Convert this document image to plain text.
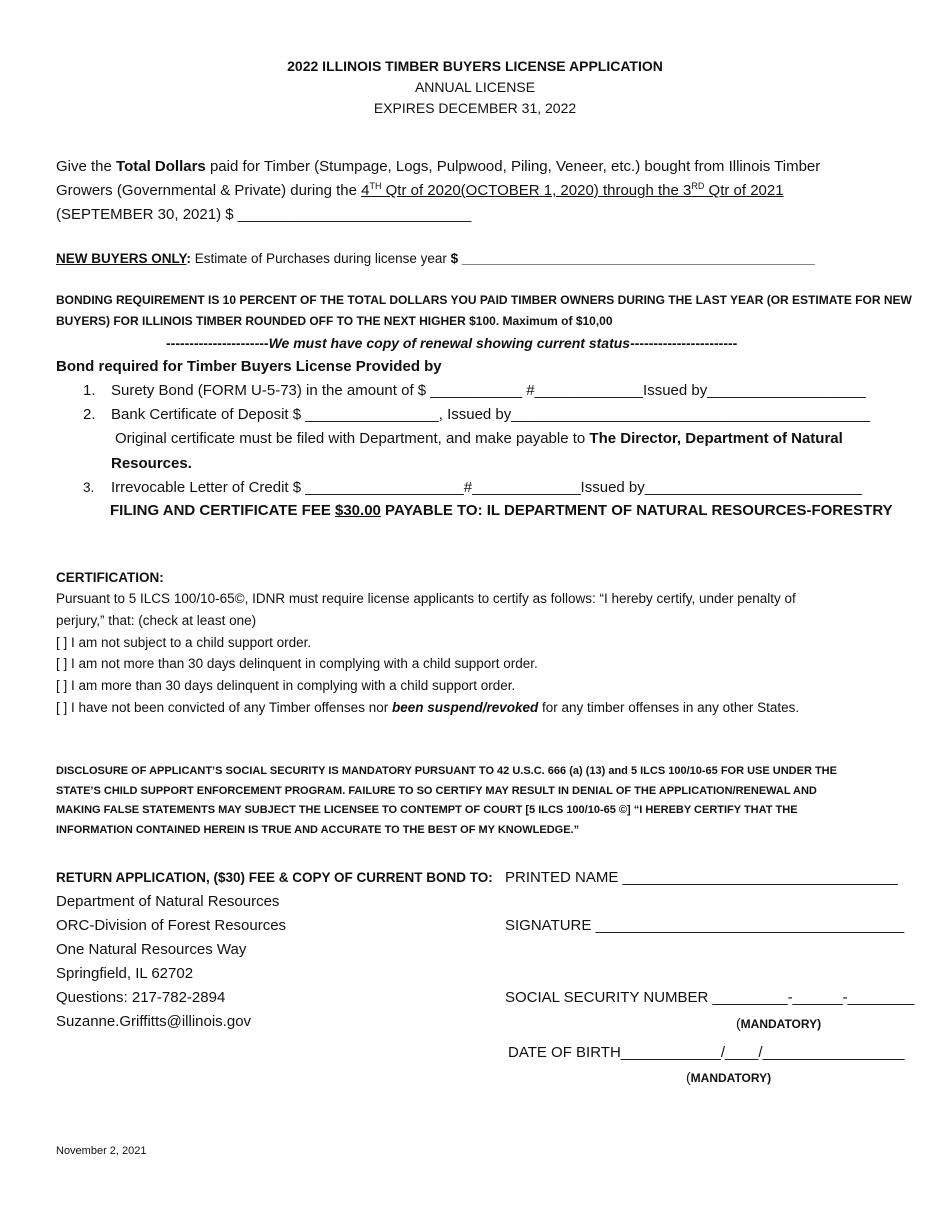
2022 ILLINOIS TIMBER BUYERS LICENSE APPLICATION
ANNUAL LICENSE
EXPIRES DECEMBER 31, 2022
Give the Total Dollars paid for Timber (Stumpage, Logs, Pulpwood, Piling, Veneer, etc.) bought from Illinois Timber
Growers (Governmental & Private) during the 4TH Qtr of 2020(OCTOBER 1, 2020) through the 3RD Qtr of 2021
(SEPTEMBER 30, 2021) $ ____________________________
NEW BUYERS ONLY: Estimate of Purchases during license year $ _______________________________________________
BONDING REQUIREMENT IS 10 PERCENT OF THE TOTAL DOLLARS YOU PAID TIMBER OWNERS DURING THE LAST YEAR (OR ESTIMATE FOR NEW
BUYERS) FOR ILLINOIS TIMBER ROUNDED OFF TO THE NEXT HIGHER $100. Maximum of $10,00
----------------------We must have copy of renewal showing current status-----------------------
Bond required for Timber Buyers License Provided by
1. Surety Bond (FORM U-5-73) in the amount of $ ___________ #_____________Issued by___________________
2. Bank Certificate of Deposit $ ________________, Issued by___________________________________________
Original certificate must be filed with Department, and make payable to The Director, Department of Natural
Resources.
3. Irrevocable Letter of Credit $ ___________________#_____________Issued by__________________________
FILING AND CERTIFICATE FEE $30.00 PAYABLE TO: IL DEPARTMENT OF NATURAL RESOURCES-FORESTRY
CERTIFICATION:
Pursuant to 5 ILCS 100/10-65©, IDNR must require license applicants to certify as follows: “I hereby certify, under penalty of
perjury,” that: (check at least one)
[ ] I am not subject to a child support order.
[ ] I am not more than 30 days delinquent in complying with a child support order.
[ ] I am more than 30 days delinquent in complying with a child support order.
[ ] I have not been convicted of any Timber offenses nor been suspend/revoked for any timber offenses in any other States.
DISCLOSURE OF APPLICANT’S SOCIAL SECURITY IS MANDATORY PURSUANT TO 42 U.S.C. 666 (a) (13) and 5 ILCS 100/10-65 FOR USE UNDER THE
STATE’S CHILD SUPPORT ENFORCEMENT PROGRAM. FAILURE TO SO CERTIFY MAY RESULT IN DENIAL OF THE APPLICATION/RENEWAL AND
MAKING FALSE STATEMENTS MAY SUBJECT THE LICENSEE TO CONTEMPT OF COURT [5 ILCS 100/10-65 ©] “I HEREBY CERTIFY THAT THE
INFORMATION CONTAINED HEREIN IS TRUE AND ACCURATE TO THE BEST OF MY KNOWLEDGE.”
RETURN APPLICATION, ($30) FEE & COPY OF CURRENT BOND TO:
Department of Natural Resources
ORC-Division of Forest Resources
One Natural Resources Way
Springfield, IL 62702
Questions: 217-782-2894
Suzanne.Griffitts@illinois.gov
PRINTED NAME _________________________________
SIGNATURE _____________________________________
SOCIAL SECURITY NUMBER _________-______-________
(MANDATORY)
DATE OF BIRTH____________/____/_________________
(MANDATORY)
November 2, 2021
